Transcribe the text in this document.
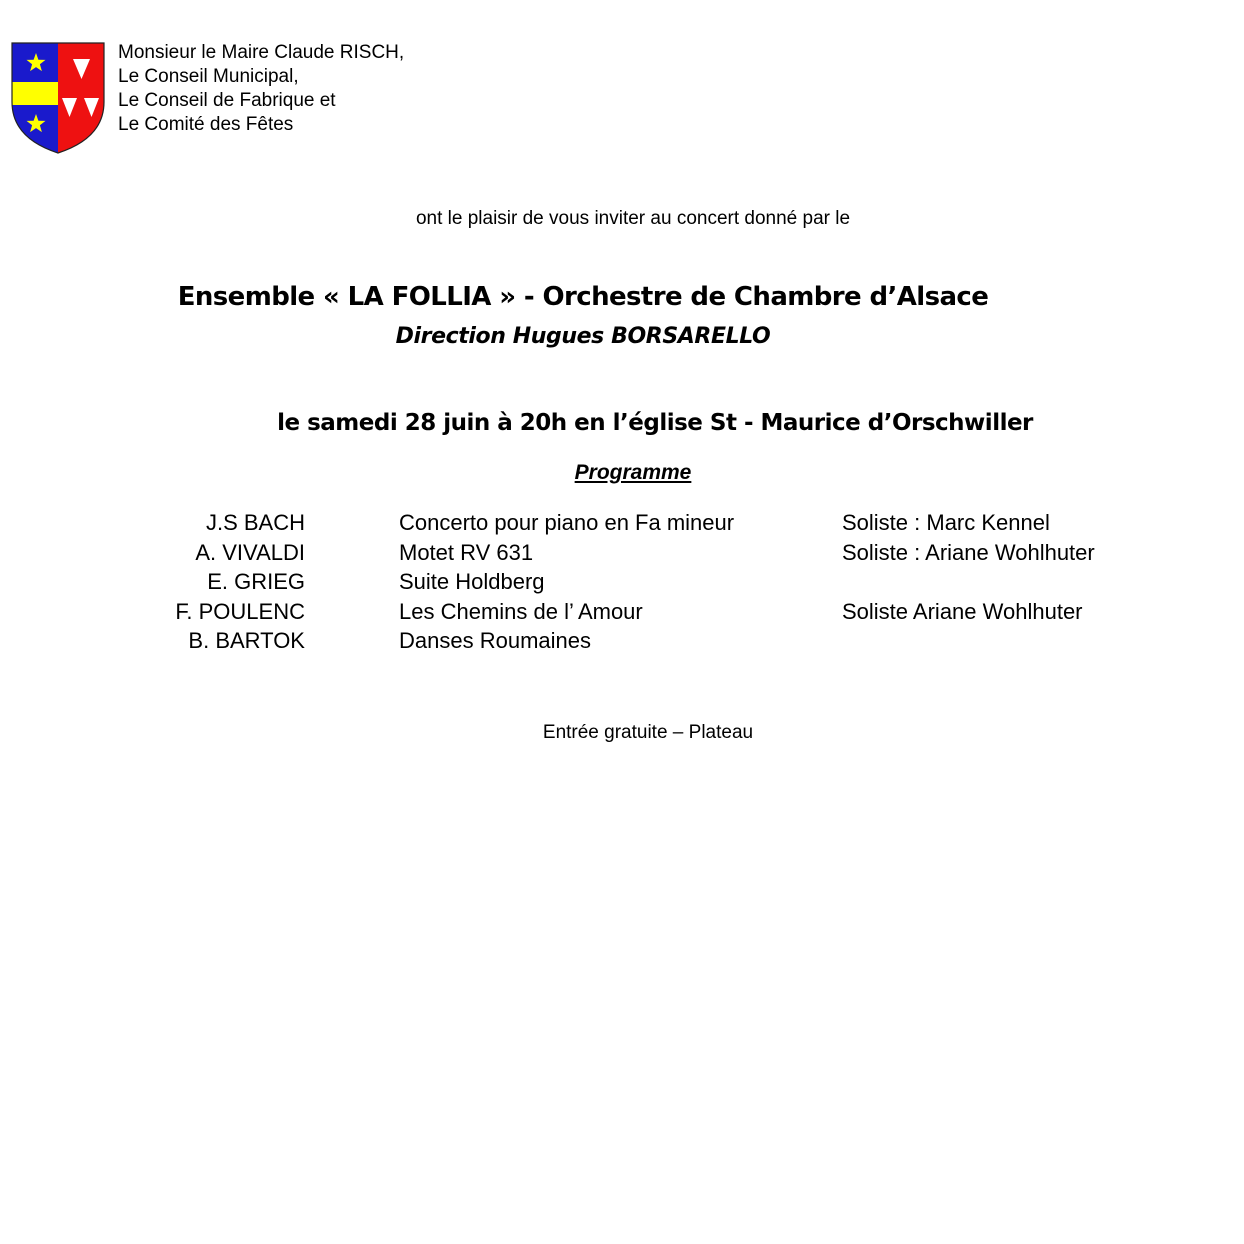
Monsieur le Maire Claude RISCH,
Le Conseil Municipal,
Le Conseil de Fabrique et
Le Comité des Fêtes
ont le plaisir de vous inviter au concert donné par le
Ensemble « LA FOLLIA » - Orchestre de Chambre d’Alsace
Direction Hugues BORSARELLO
le samedi 28 juin à 20h en l’église St - Maurice d’Orschwiller
Programme
J.S BACH	Concerto pour piano en Fa mineur	Soliste : Marc Kennel
A. VIVALDI	Motet RV 631	Soliste : Ariane Wohlhuter
E. GRIEG	Suite Holdberg
F. POULENC	Les Chemins de l’ Amour	Soliste Ariane Wohlhuter
B. BARTOK	Danses Roumaines
Entrée gratuite – Plateau
